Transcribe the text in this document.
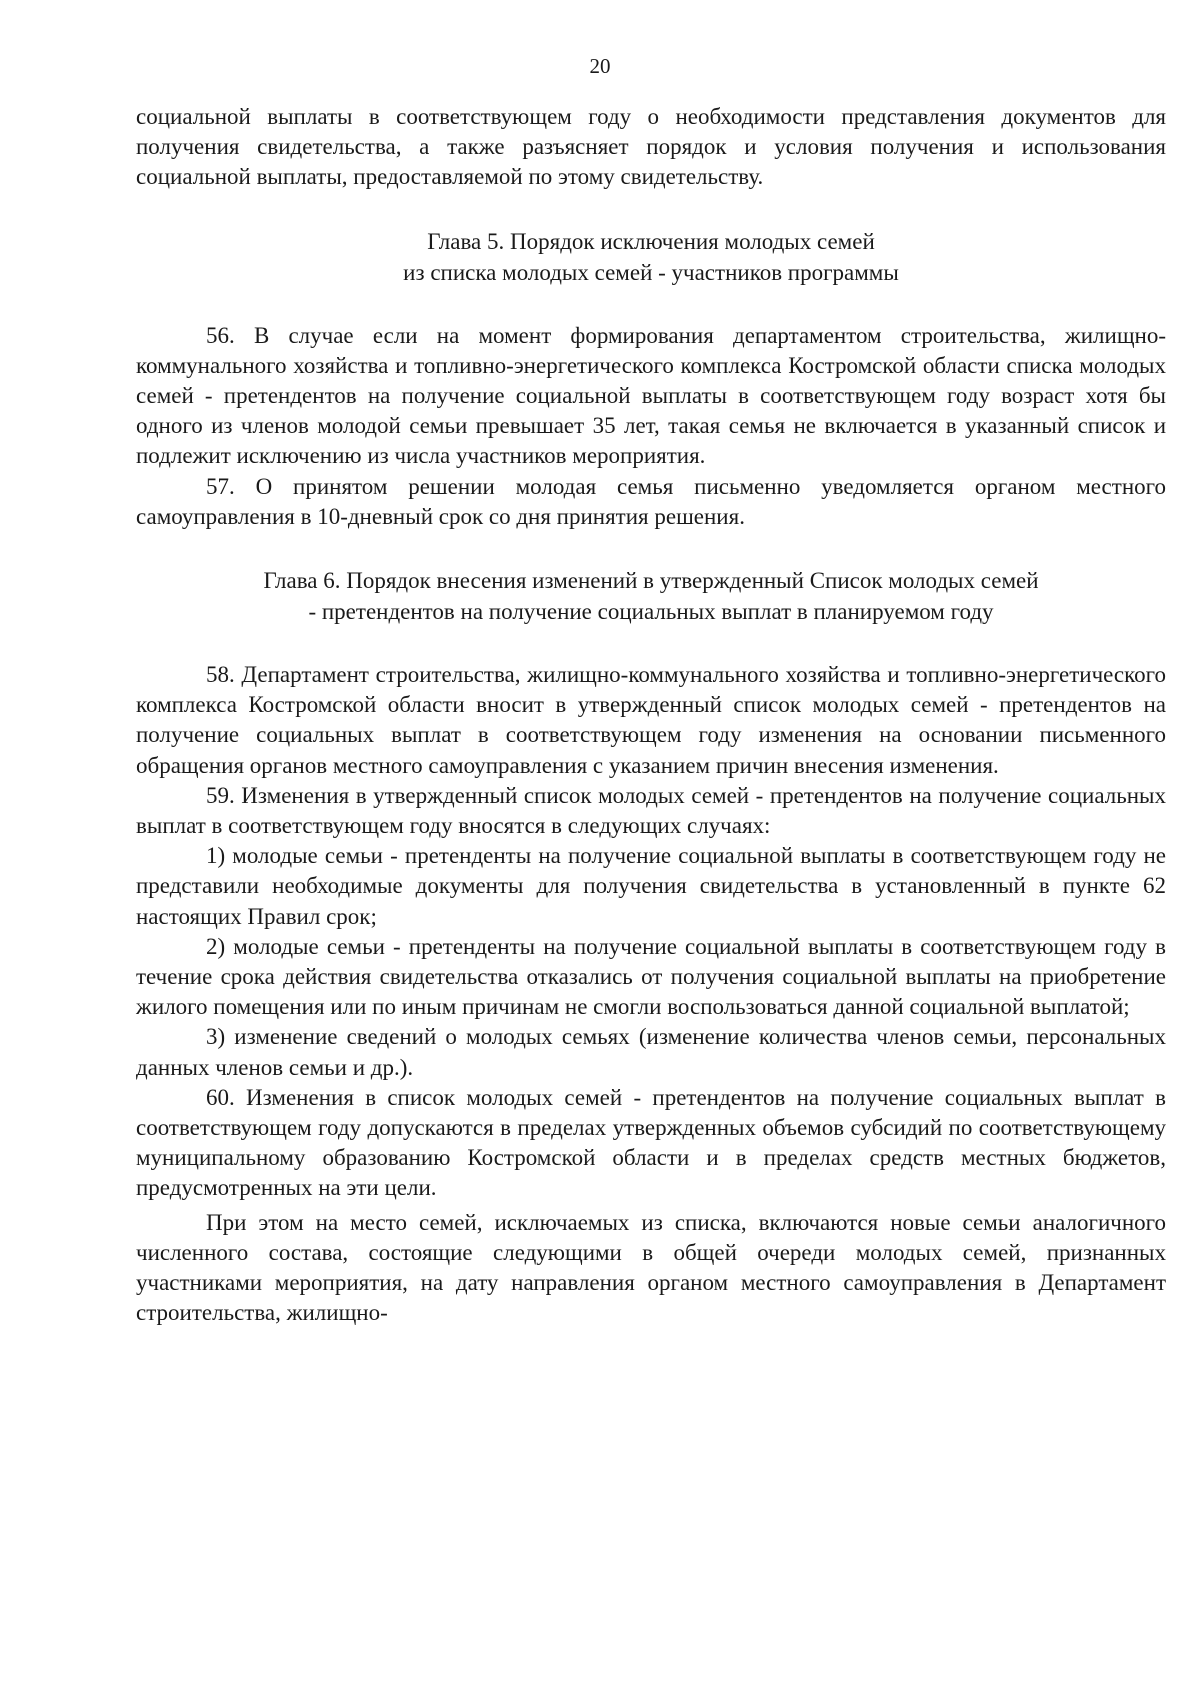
20

социальной выплаты в соответствующем году о необходимости представления документов для получения свидетельства, а также разъясняет порядок и условия получения и использования социальной выплаты, предоставляемой по этому свидетельству.

Глава 5. Порядок исключения молодых семей
из списка молодых семей - участников программы

56. В случае если на момент формирования департаментом строительства, жилищно-коммунального хозяйства и топливно-энергетического комплекса Костромской области списка молодых семей - претендентов на получение социальной выплаты в соответствующем году возраст хотя бы одного из членов молодой семьи превышает 35 лет, такая семья не включается в указанный список и подлежит исключению из числа участников мероприятия.

57. О принятом решении молодая семья письменно уведомляется органом местного самоуправления в 10-дневный срок со дня принятия решения.

Глава 6. Порядок внесения изменений в утвержденный Список молодых семей
- претендентов на получение социальных выплат в планируемом году

58. Департамент строительства, жилищно-коммунального хозяйства и топливно-энергетического комплекса Костромской области вносит в утвержденный список молодых семей - претендентов на получение социальных выплат в соответствующем году изменения на основании письменного обращения органов местного самоуправления с указанием причин внесения изменения.

59. Изменения в утвержденный список молодых семей - претендентов на получение социальных выплат в соответствующем году вносятся в следующих случаях:

1) молодые семьи - претенденты на получение социальной выплаты в соответствующем году не представили необходимые документы для получения свидетельства в установленный в пункте 62 настоящих Правил срок;

2) молодые семьи - претенденты на получение социальной выплаты в соответствующем году в течение срока действия свидетельства отказались от получения социальной выплаты на приобретение жилого помещения или по иным причинам не смогли воспользоваться данной социальной выплатой;

3) изменение сведений о молодых семьях (изменение количества членов семьи, персональных данных членов семьи и др.).

60. Изменения в список молодых семей - претендентов на получение социальных выплат в соответствующем году допускаются в пределах утвержденных объемов субсидий по соответствующему муниципальному образованию Костромской области и в пределах средств местных бюджетов, предусмотренных на эти цели.

При этом на место семей, исключаемых из списка, включаются новые семьи аналогичного численного состава, состоящие следующими в общей очереди молодых семей, признанных участниками мероприятия, на дату направления органом местного самоуправления в Департамент строительства, жилищно-
